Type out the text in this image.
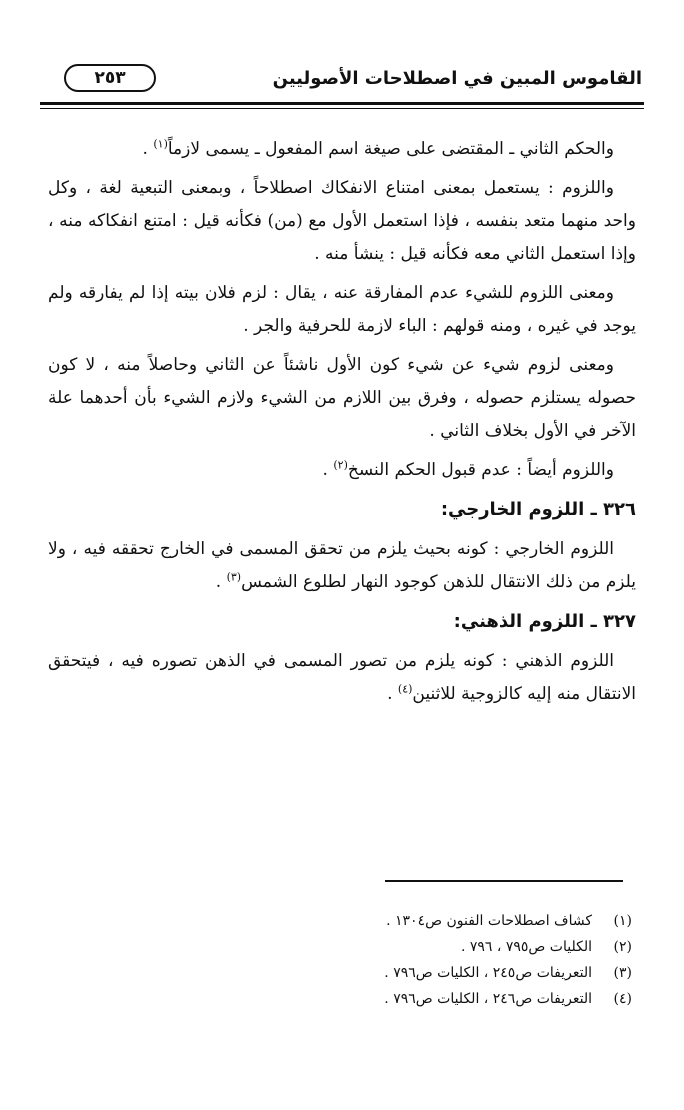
القاموس المبين في اصطلاحات الأصوليين
٢٥٣

والحكم الثاني ـ المقتضى على صيغة اسم المفعول ـ يسمى لازماً$^{(١)}$ .

واللزوم : يستعمل بمعنى امتناع الانفكاك اصطلاحاً ، وبمعنى التبعية لغة ، وكل واحد منهما متعد بنفسه ، فإذا استعمل الأول مع (من) فكأنه قيل : امتنع انفكاكه منه ، وإذا استعمل الثاني معه فكأنه قيل : ينشأ منه .

ومعنى اللزوم للشيء عدم المفارقة عنه ، يقال : لزم فلان بيته إذا لم يفارقه ولم يوجد في غيره ، ومنه قولهم : الباء لازمة للحرفية والجر .

ومعنى لزوم شيء عن شيء كون الأول ناشئاً عن الثاني وحاصلاً منه ، لا كون حصوله يستلزم حصوله ، وفرق بين اللازم من الشيء ولازم الشيء بأن أحدهما علة الآخر في الأول بخلاف الثاني .

واللزوم أيضاً : عدم قبول الحكم النسخ$^{(٢)}$ .

٣٢٦ ـ اللزوم الخارجي:

اللزوم الخارجي : كونه بحيث يلزم من تحقق المسمى في الخارج تحققه فيه ، ولا يلزم من ذلك الانتقال للذهن كوجود النهار لطلوع الشمس$^{(٣)}$ .

٣٢٧ ـ اللزوم الذهني:

اللزوم الذهني : كونه يلزم من تصور المسمى في الذهن تصوره فيه ، فيتحقق الانتقال منه إليه كالزوجية للاثنين$^{(٤)}$ .

(١)
كشاف اصطلاحات الفنون ص١٣٠٤ .
(٢)
الكليات ص٧٩٥ ، ٧٩٦ .
(٣)
التعريفات ص٢٤٥ ، الكليات ص٧٩٦ .
(٤)
التعريفات ص٢٤٦ ، الكليات ص٧٩٦ .
